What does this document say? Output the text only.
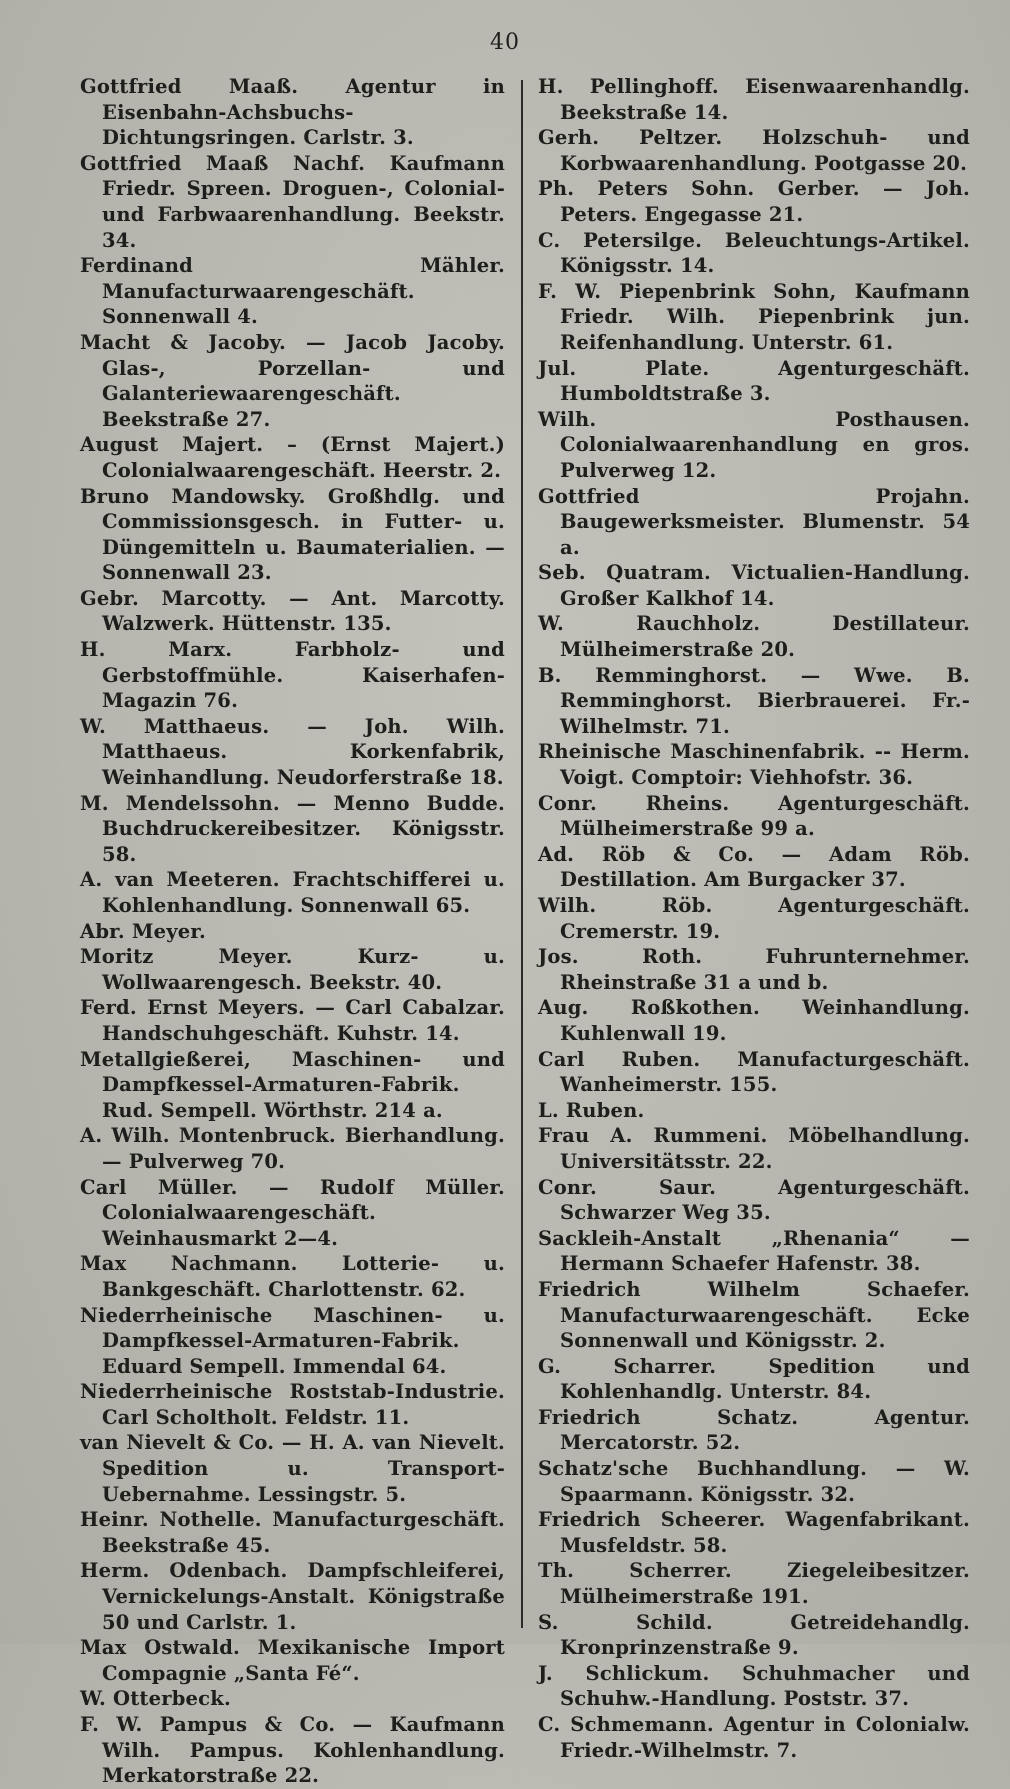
40

Gottfried Maaß. Agentur in Eisenbahn-Achsbuchs-Dichtungsringen. Carlstr. 3.

Gottfried Maaß Nachf. Kaufmann Friedr. Spreen. Droguen-, Colonial- und Farbwaarenhandlung. Beekstr. 34.

Ferdinand Mähler. Manufacturwaarengeschäft. Sonnenwall 4.

Macht & Jacoby. — Jacob Jacoby. Glas-, Porzellan- und Galanteriewaarengeschäft. Beekstraße 27.

August Majert. – (Ernst Majert.) Colonialwaarengeschäft. Heerstr. 2.

Bruno Mandowsky. Großhdlg. und Commissionsgesch. in Futter- u. Düngemitteln u. Baumaterialien. — Sonnenwall 23.

Gebr. Marcotty. — Ant. Marcotty. Walzwerk. Hüttenstr. 135.

H. Marx. Farbholz- und Gerbstoffmühle. Kaiserhafen-Magazin 76.

W. Matthaeus. — Joh. Wilh. Matthaeus. Korkenfabrik, Weinhandlung. Neudorferstraße 18.

M. Mendelssohn. — Menno Budde. Buchdruckereibesitzer. Königsstr. 58.

A. van Meeteren. Frachtschifferei u. Kohlenhandlung. Sonnenwall 65.

Abr. Meyer.

Moritz Meyer. Kurz- u. Wollwaarengesch. Beekstr. 40.

Ferd. Ernst Meyers. — Carl Cabalzar. Handschuhgeschäft. Kuhstr. 14.

Metallgießerei, Maschinen- und Dampfkessel-Armaturen-Fabrik. Rud. Sempell. Wörthstr. 214 a.

A. Wilh. Montenbruck. Bierhandlung. — Pulverweg 70.

Carl Müller. — Rudolf Müller. Colonialwaarengeschäft. Weinhausmarkt 2—4.

Max Nachmann. Lotterie- u. Bankgeschäft. Charlottenstr. 62.

Niederrheinische Maschinen- u. Dampfkessel-Armaturen-Fabrik. Eduard Sempell. Immendal 64.

Niederrheinische Roststab-Industrie. Carl Scholtholt. Feldstr. 11.

van Nievelt & Co. — H. A. van Nievelt. Spedition u. Transport-Uebernahme. Lessingstr. 5.

Heinr. Nothelle. Manufacturgeschäft. Beekstraße 45.

Herm. Odenbach. Dampfschleiferei, Vernickelungs-Anstalt. Königstraße 50 und Carlstr. 1.

Max Ostwald. Mexikanische Import Compagnie „Santa Fé“.

W. Otterbeck.

F. W. Pampus & Co. — Kaufmann Wilh. Pampus. Kohlenhandlung. Merkatorstraße 22.

H. Pellinghoff. Eisenwaarenhandlg. Beekstraße 14.

Gerh. Peltzer. Holzschuh- und Korbwaarenhandlung. Pootgasse 20.

Ph. Peters Sohn. Gerber. — Joh. Peters. Engegasse 21.

C. Petersilge. Beleuchtungs-Artikel. Königsstr. 14.

F. W. Piepenbrink Sohn, Kaufmann Friedr. Wilh. Piepenbrink jun. Reifenhandlung. Unterstr. 61.

Jul. Plate. Agenturgeschäft. Humboldtstraße 3.

Wilh. Posthausen. Colonialwaarenhandlung en gros. Pulverweg 12.

Gottfried Projahn. Baugewerksmeister. Blumenstr. 54 a.

Seb. Quatram. Victualien-Handlung. Großer Kalkhof 14.

W. Rauchholz. Destillateur. Mülheimerstraße 20.

B. Remminghorst. — Wwe. B. Remminghorst. Bierbrauerei. Fr.-Wilhelmstr. 71.

Rheinische Maschinenfabrik. -- Herm. Voigt. Comptoir: Viehhofstr. 36.

Conr. Rheins. Agenturgeschäft. Mülheimerstraße 99 a.

Ad. Röb & Co. — Adam Röb. Destillation. Am Burgacker 37.

Wilh. Röb. Agenturgeschäft. Cremerstr. 19.

Jos. Roth. Fuhrunternehmer. Rheinstraße 31 a und b.

Aug. Roßkothen. Weinhandlung. Kuhlenwall 19.

Carl Ruben. Manufacturgeschäft. Wanheimerstr. 155.

L. Ruben.

Frau A. Rummeni. Möbelhandlung. Universitätsstr. 22.

Conr. Saur. Agenturgeschäft. Schwarzer Weg 35.

Sackleih-Anstalt „Rhenania“ — Hermann Schaefer Hafenstr. 38.

Friedrich Wilhelm Schaefer. Manufacturwaarengeschäft. Ecke Sonnenwall und Königsstr. 2.

G. Scharrer. Spedition und Kohlenhandlg. Unterstr. 84.

Friedrich Schatz. Agentur. Mercatorstr. 52.

Schatz'sche Buchhandlung. — W. Spaarmann. Königsstr. 32.

Friedrich Scheerer. Wagenfabrikant. Musfeldstr. 58.

Th. Scherrer. Ziegeleibesitzer. Mülheimerstraße 191.

S. Schild. Getreidehandlg. Kronprinzenstraße 9.

J. Schlickum. Schuhmacher und Schuhw.-Handlung. Poststr. 37.

C. Schmemann. Agentur in Colonialw. Friedr.-Wilhelmstr. 7.
